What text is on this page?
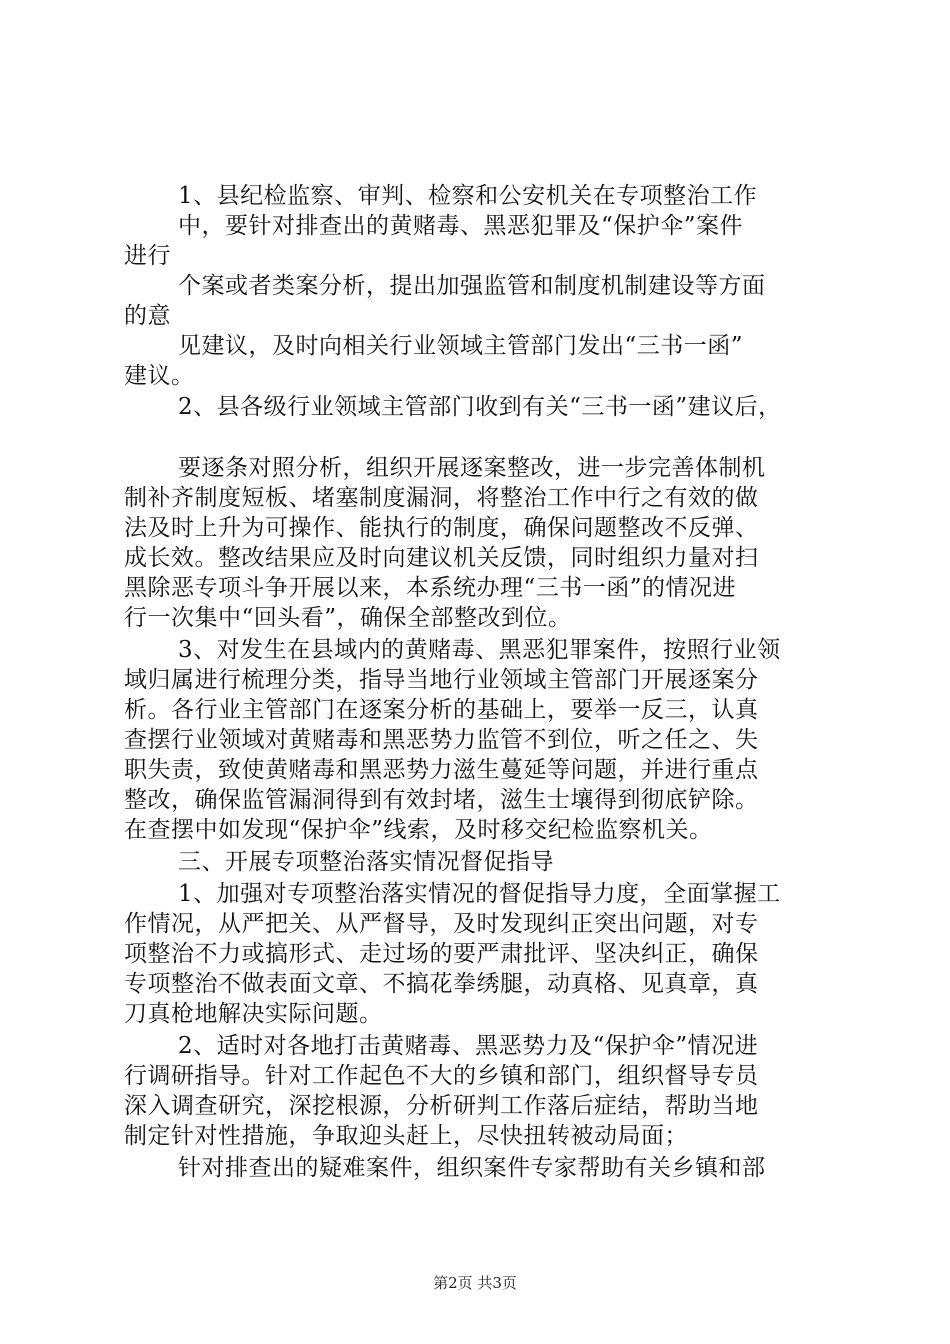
1、县纪检监察、审判、检察和公安机关在专项整治工作
中，要针对排查出的黄赌毒、黑恶犯罪及“保护伞”案件
进行
个案或者类案分析，提出加强监管和制度机制建设等方面
的意
见建议，及时向相关行业领域主管部门发出“三书一函”
建议。
2、县各级行业领域主管部门收到有关“三书一函”建议后，
要逐条对照分析，组织开展逐案整改，进一步完善体制机
制补齐制度短板、堵塞制度漏洞，将整治工作中行之有效的做
法及时上升为可操作、能执行的制度，确保问题整改不反弹、
成长效。整改结果应及时向建议机关反馈，同时组织力量对扫
黑除恶专项斗争开展以来，本系统办理“三书一函”的情况进
行一次集中“回头看”，确保全部整改到位。
3、对发生在县域内的黄赌毒、黑恶犯罪案件，按照行业领
域归属进行梳理分类，指导当地行业领域主管部门开展逐案分
析。各行业主管部门在逐案分析的基础上，要举一反三，认真
查摆行业领域对黄赌毒和黑恶势力监管不到位，听之任之、失
职失责，致使黄赌毒和黑恶势力滋生蔓延等问题，并进行重点
整改，确保监管漏洞得到有效封堵，滋生士壤得到彻底铲除。
在查摆中如发现“保护伞”线索，及时移交纪检监察机关。
三、开展专项整治落实情况督促指导
1、加强对专项整治落实情况的督促指导力度，全面掌握工
作情况，从严把关、从严督导，及时发现纠正突出问题，对专
项整治不力或搞形式、走过场的要严肃批评、坚决纠正，确保
专项整治不做表面文章、不搞花拳绣腿，动真格、见真章，真
刀真枪地解决实际问题。
2、适时对各地打击黄赌毒、黑恶势力及“保护伞”情况进
行调研指导。针对工作起色不大的乡镇和部门，组织督导专员
深入调查研究，深挖根源，分析研判工作落后症结，帮助当地
制定针对性措施，争取迎头赶上，尽快扭转被动局面；
针对排查出的疑难案件，组织案件专家帮助有关乡镇和部
第2页 共3页
